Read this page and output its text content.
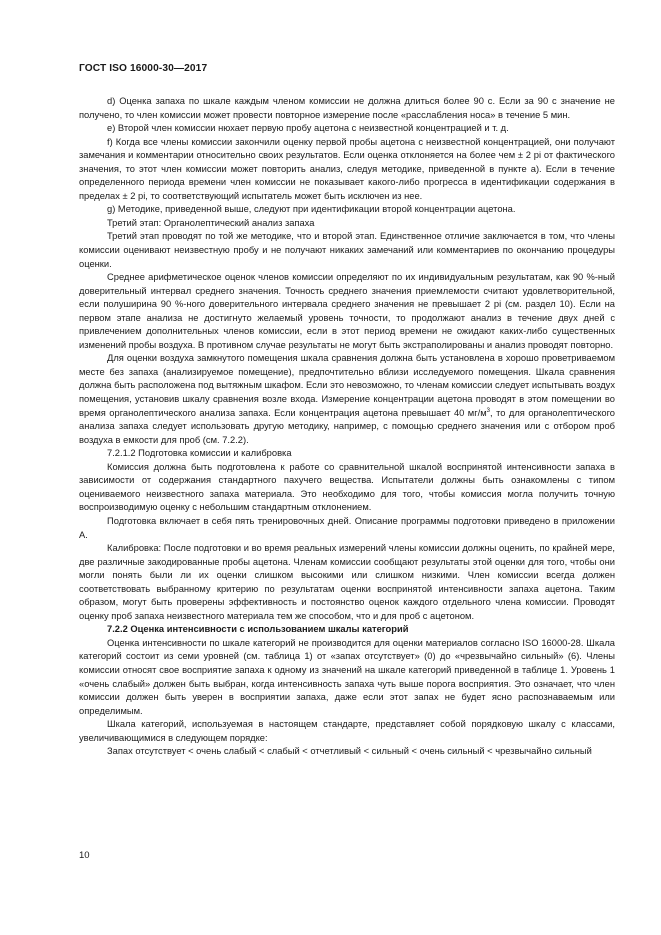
ГОСТ ISO 16000-30—2017

d) Оценка запаха по шкале каждым членом комиссии не должна длиться более 90 с. Если за 90 с значение не получено, то член комиссии может провести повторное измерение после «расслабления носа» в течение 5 мин.

e) Второй член комиссии нюхает первую пробу ацетона с неизвестной концентрацией и т. д.

f) Когда все члены комиссии закончили оценку первой пробы ацетона с неизвестной концентрацией, они получают замечания и комментарии относительно своих результатов. Если оценка отклоняется на более чем ± 2 pi от фактического значения, то этот член комиссии может повторить анализ, следуя методике, приведенной в пункте а). Если в течение определенного периода времени член комиссии не показывает какого-либо прогресса в идентификации содержания в пределах ± 2 pi, то соответствующий испытатель может быть исключен из нее.

g) Методике, приведенной выше, следуют при идентификации второй концентрации ацетона.

Третий этап: Органолептический анализ запаха

Третий этап проводят по той же методике, что и второй этап. Единственное отличие заключается в том, что члены комиссии оценивают неизвестную пробу и не получают никаких замечаний или комментариев по окончанию процедуры оценки.

Среднее арифметическое оценок членов комиссии определяют по их индивидуальным результатам, как 90 %-ный доверительный интервал среднего значения. Точность среднего значения приемлемости считают удовлетворительной, если полуширина 90 %-ного доверительного интервала среднего значения не превышает 2 pi (см. раздел 10). Если на первом этапе анализа не достигнуто желаемый уровень точности, то продолжают анализ в течение двух дней с привлечением дополнительных членов комиссии, если в этот период времени не ожидают каких-либо существенных изменений пробы воздуха. В противном случае результаты не могут быть экстраполированы и анализ проводят повторно.

Для оценки воздуха замкнутого помещения шкала сравнения должна быть установлена в хорошо проветриваемом месте без запаха (анализируемое помещение), предпочтительно вблизи исследуемого помещения. Шкала сравнения должна быть расположена под вытяжным шкафом. Если это невозможно, то членам комиссии следует испытывать воздух помещения, установив шкалу сравнения возле входа. Измерение концентрации ацетона проводят в этом помещении во время органолептического анализа запаха. Если концентрация ацетона превышает 40 $мг/м^3$, то для органолептического анализа запаха следует использовать другую методику, например, с помощью среднего значения или с отбором проб воздуха в емкости для проб (см. 7.2.2).

7.2.1.2 Подготовка комиссии и калибровка

Комиссия должна быть подготовлена к работе со сравнительной шкалой воспринятой интенсивности запаха в зависимости от содержания стандартного пахучего вещества. Испытатели должны быть ознакомлены с типом оцениваемого неизвестного запаха материала. Это необходимо для того, чтобы комиссия могла получить точную воспроизводимую оценку с небольшим стандартным отклонением.

Подготовка включает в себя пять тренировочных дней. Описание программы подготовки приведено в приложении А.

Калибровка: После подготовки и во время реальных измерений члены комиссии должны оценить, по крайней мере, две различные закодированные пробы ацетона. Членам комиссии сообщают результаты этой оценки для того, чтобы они могли понять были ли их оценки слишком высокими или слишком низкими. Член комиссии всегда должен соответствовать выбранному критерию по результатам оценки воспринятой интенсивности запаха ацетона. Таким образом, могут быть проверены эффективность и постоянство оценок каждого отдельного члена комиссии. Проводят оценку проб запаха неизвестного материала тем же способом, что и для проб с ацетоном.

7.2.2 Оценка интенсивности с использованием шкалы категорий

Оценка интенсивности по шкале категорий не производится для оценки материалов согласно ISO 16000-28. Шкала категорий состоит из семи уровней (см. таблица 1) от «запах отсутствует» (0) до «чрезвычайно сильный» (6). Члены комиссии относят свое восприятие запаха к одному из значений на шкале категорий приведенной в таблице 1. Уровень 1 «очень слабый» должен быть выбран, когда интенсивность запаха чуть выше порога восприятия. Это означает, что член комиссии должен быть уверен в восприятии запаха, даже если этот запах не будет ясно распознаваемым или определимым.

Шкала категорий, используемая в настоящем стандарте, представляет собой порядковую шкалу с классами, увеличивающимися в следующем порядке:

Запах отсутствует < очень слабый < слабый < отчетливый < сильный < очень сильный < чрезвычайно сильный

10
